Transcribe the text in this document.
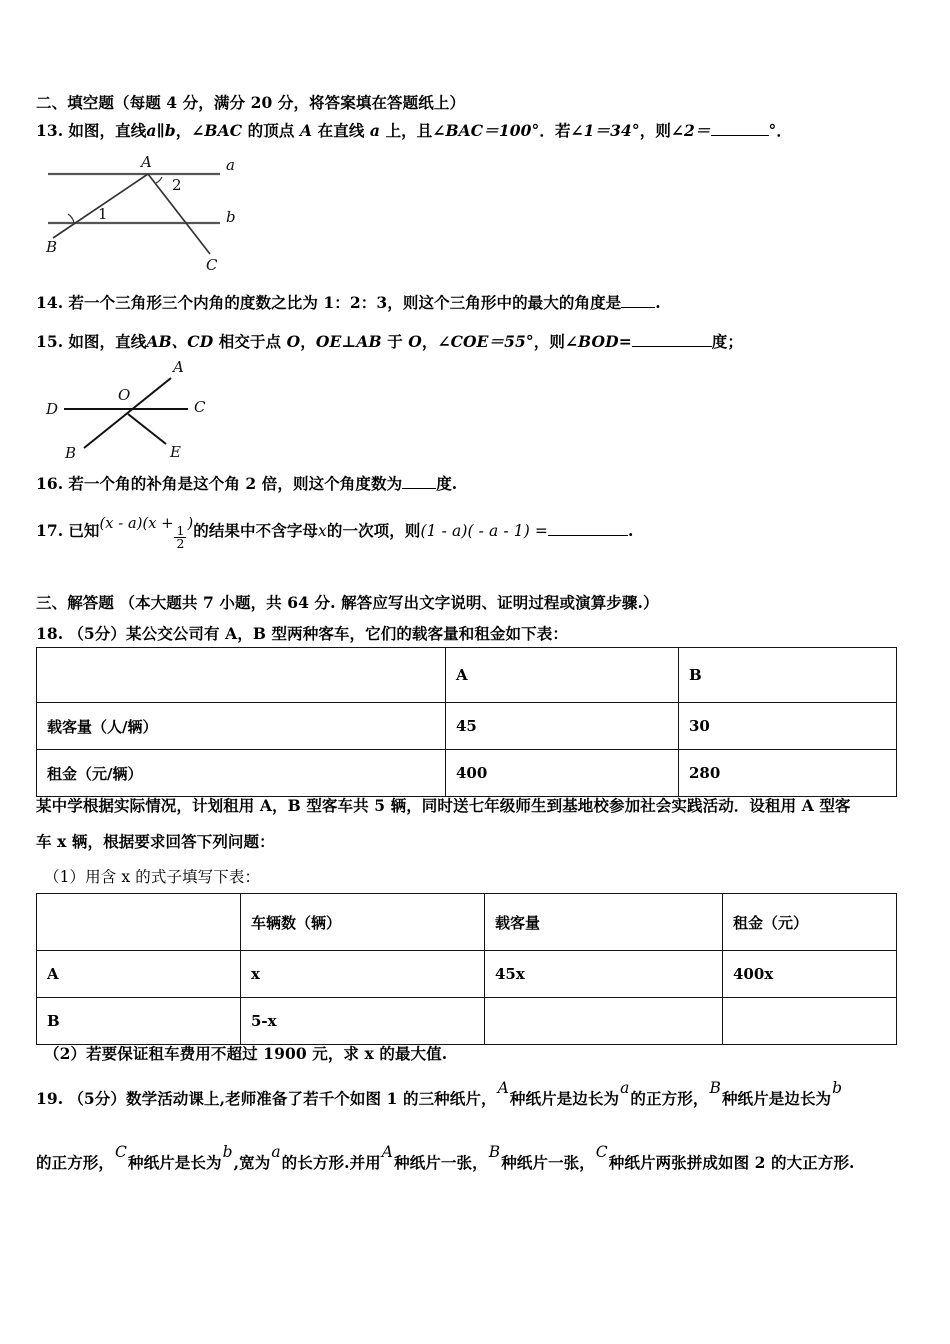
二、填空题（每题 4 分，满分 20 分，将答案填在答题纸上）
13. 如图，直线a∥b，∠BAC 的顶点 A 在直线 a 上，且∠BAC＝100°．若∠1＝34°，则∠2＝	°．
A
B
C
a
b
1
2
14. 若一个三角形三个内角的度数之比为 1：2：3，则这个三角形中的最大的角度是 .
15. 如图，直线AB、CD 相交于点 O，OE⊥AB 于 O，∠COE＝55°，则∠BOD=	度；
D	C
A
B	E
O
16. 若一个角的补角是这个角 2 倍，则这个角度数为 度.
17. 已知(x - a)(x +
$\frac{1}{2}$
)的结果中不含字母x的一次项，则(1 - a)( - a - 1) =	.
三、解答题 （本大题共 7 小题，共 64 分. 解答应写出文字说明、证明过程或演算步骤.）
18. （5分）某公交公司有 A，B 型两种客车，它们的载客量和租金如下表：
	A	B
载客量（人/辆）	45	30
租金（元/辆）	400	280
某中学根据实际情况，计划租用 A，B 型客车共 5 辆，同时送七年级师生到基地校参加社会实践活动．设租用 A 型客
车 x 辆，根据要求回答下列问题：
（1）用含 x 的式子填写下表：
	车辆数（辆）	载客量	租金（元）
A	x	45x	400x
B	5-x		
（2）若要保证租车费用不超过 1900 元，求 x 的最大值.
19. （5分）数学活动课上,老师准备了若千个如图 1 的三种纸片，A种纸片是边长为a的正方形，B种纸片是边长为b
的正方形，C种纸片是长为b,宽为a的长方形.并用A种纸片一张，B种纸片一张，C种纸片两张拼成如图 2 的大正方形.
